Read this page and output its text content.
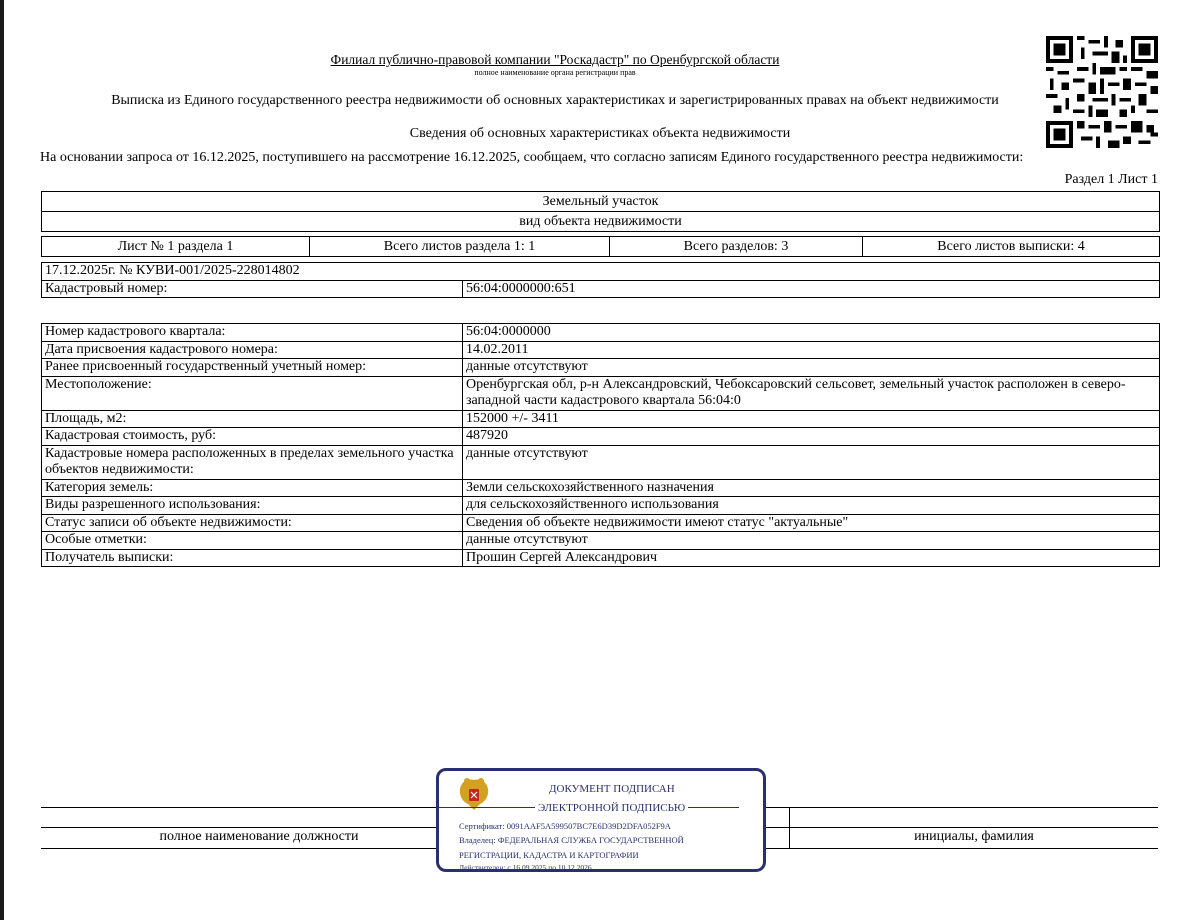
Филиал публично-правовой компании "Роскадастр" по Оренбургской области
полное наименование органа регистрации прав
Выписка из Единого государственного реестра недвижимости об основных характеристиках и зарегистрированных правах на объект недвижимости
Сведения об основных характеристиках объекта недвижимости
На основании запроса от 16.12.2025, поступившего на рассмотрение 16.12.2025, сообщаем, что согласно записям Единого государственного реестра недвижимости:
Раздел 1 Лист 1
Земельный участок
вид объекта недвижимости
Лист № 1 раздела 1	Всего листов раздела 1: 1	Всего разделов: 3	Всего листов выписки: 4
17.12.2025г. № КУВИ-001/2025-228014802
Кадастровый номер:	56:04:0000000:651
Номер кадастрового квартала:	56:04:0000000
Дата присвоения кадастрового номера:	14.02.2011
Ранее присвоенный государственный учетный номер:	данные отсутствуют
Местоположение:	Оренбургская обл, р-н Александровский, Чебоксаровский сельсовет, земельный участок расположен в северо-западной части кадастрового квартала 56:04:0
Площадь, м2:	152000 +/- 3411
Кадастровая стоимость, руб:	487920
Кадастровые номера расположенных в пределах земельного участка объектов недвижимости:	данные отсутствуют
Категория земель:	Земли сельскохозяйственного назначения
Виды разрешенного использования:	для сельскохозяйственного использования
Статус записи об объекте недвижимости:	Сведения об объекте недвижимости имеют статус "актуальные"
Особые отметки:	данные отсутствуют
Получатель выписки:	Прошин Сергей Александрович
полное наименование должности	инициалы, фамилия
ДОКУМЕНТ ПОДПИСАН
ЭЛЕКТРОННОЙ ПОДПИСЬЮ
Сертификат: 0091AAF5A599507BC7E6D39D2DFA052F9A
Владелец: ФЕДЕРАЛЬНАЯ СЛУЖБА ГОСУДАРСТВЕННОЙ
РЕГИСТРАЦИИ, КАДАСТРА И КАРТОГРАФИИ
Действителен: с 16.09.2025 по 10.12.2026
